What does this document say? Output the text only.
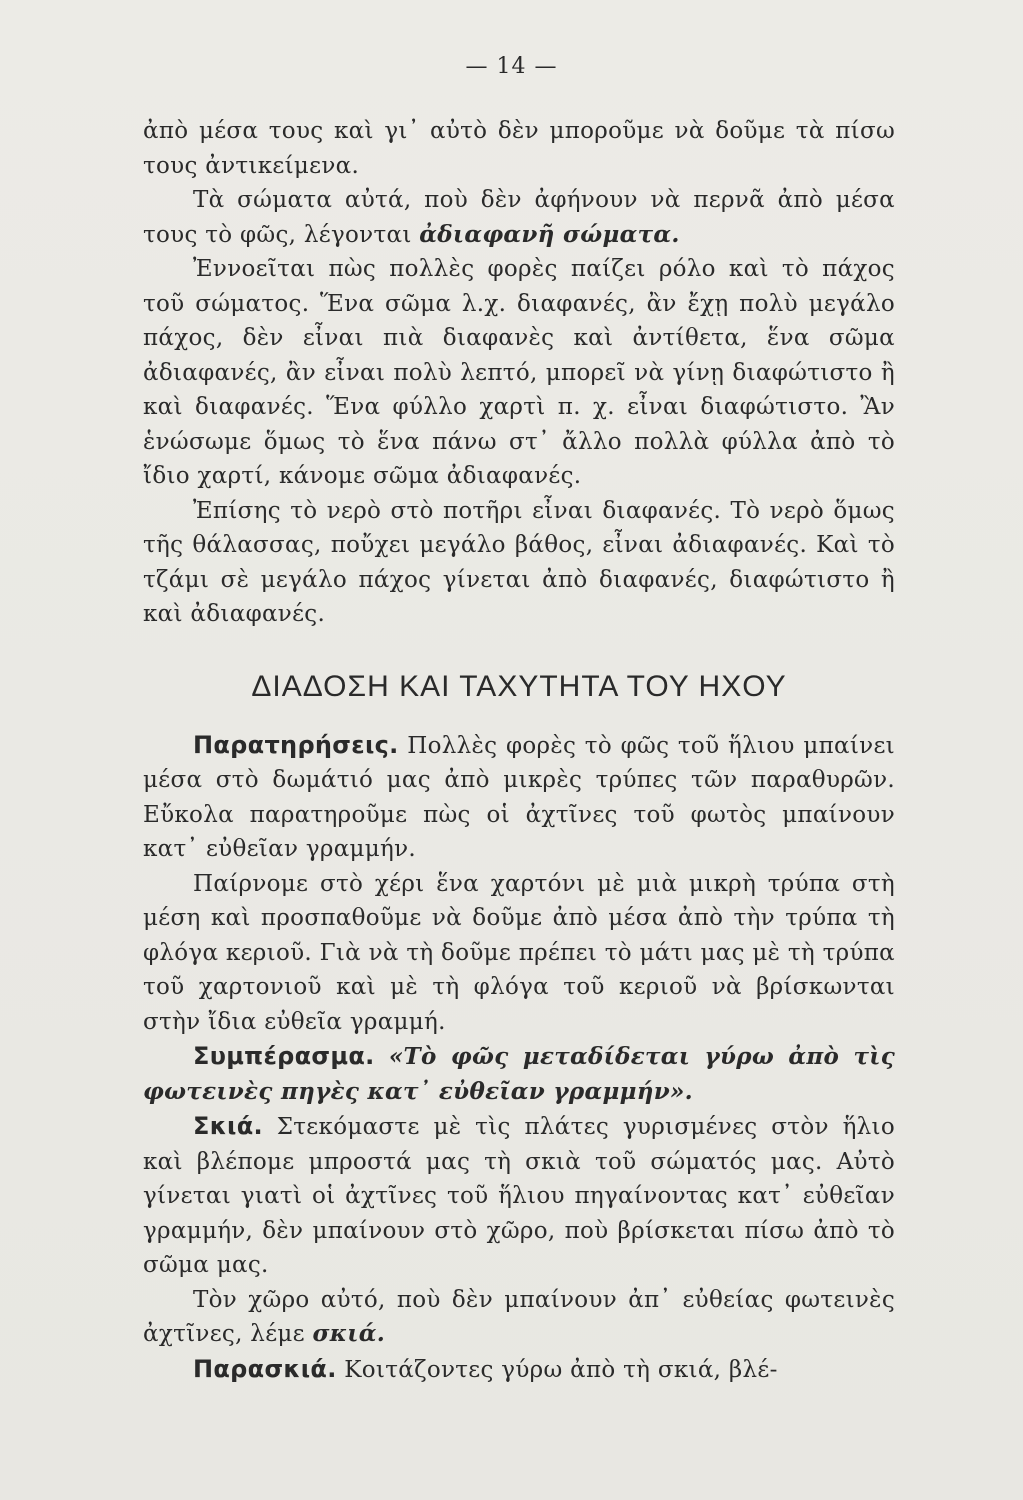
— 14 —

ἀπὸ μέσα τους καὶ γι᾽ αὐτὸ δὲν μποροῦμε νὰ δοῦμε τὰ πίσω τους ἀντικείμενα.

Τὰ σώματα αὐτά, ποὺ δὲν ἀφήνουν νὰ περνᾶ ἀπὸ μέσα τους τὸ φῶς, λέγονται ἀδιαφανῆ σώματα.

Ἐννοεῖται πὼς πολλὲς φορὲς παίζει ρόλο καὶ τὸ πάχος τοῦ σώματος. Ἕνα σῶμα λ.χ. διαφανές, ἂν ἔχῃ πολὺ μεγάλο πάχος, δὲν εἶναι πιὰ διαφανὲς καὶ ἀντίθετα, ἕνα σῶμα ἀδιαφανές, ἂν εἶναι πολὺ λεπτό, μπορεῖ νὰ γίνῃ διαφώτιστο ἢ καὶ διαφανές. Ἕνα φύλλο χαρτὶ π. χ. εἶναι διαφώτιστο. Ἂν ἑνώσωμε ὅμως τὸ ἕνα πάνω στ᾽ ἄλλο πολλὰ φύλλα ἀπὸ τὸ ἴδιο χαρτί, κάνομε σῶμα ἀδιαφανές.

Ἐπίσης τὸ νερὸ στὸ ποτῆρι εἶναι διαφανές. Τὸ νερὸ ὅμως τῆς θάλασσας, ποὔχει μεγάλο βάθος, εἶναι ἀδιαφανές. Καὶ τὸ τζάμι σὲ μεγάλο πάχος γίνεται ἀπὸ διαφανές, διαφώτιστο ἢ καὶ ἀδιαφανές.

ΔΙΑΔΟΣΗ ΚΑΙ ΤΑΧΥΤΗΤΑ ΤΟΥ ΗΧΟΥ

Παρατηρήσεις. Πολλὲς φορὲς τὸ φῶς τοῦ ἥλιου μπαίνει μέσα στὸ δωμάτιό μας ἀπὸ μικρὲς τρύπες τῶν παραθυρῶν. Εὔκολα παρατηροῦμε πὼς οἱ ἀχτῖνες τοῦ φωτὸς μπαίνουν κατ᾽ εὐθεῖαν γραμμήν.

Παίρνομε στὸ χέρι ἕνα χαρτόνι μὲ μιὰ μικρὴ τρύπα στὴ μέση καὶ προσπαθοῦμε νὰ δοῦμε ἀπὸ μέσα ἀπὸ τὴν τρύπα τὴ φλόγα κεριοῦ. Γιὰ νὰ τὴ δοῦμε πρέπει τὸ μάτι μας μὲ τὴ τρύπα τοῦ χαρτονιοῦ καὶ μὲ τὴ φλόγα τοῦ κεριοῦ νὰ βρίσκωνται στὴν ἴδια εὐθεῖα γραμμή.

Συμπέρασμα. «Τὸ φῶς μεταδίδεται γύρω ἀπὸ τὶς φωτεινὲς πηγὲς κατ᾽ εὐθεῖαν γραμμήν».

Σκιά. Στεκόμαστε μὲ τὶς πλάτες γυρισμένες στὸν ἥλιο καὶ βλέπομε μπροστά μας τὴ σκιὰ τοῦ σώματός μας. Αὐτὸ γίνεται γιατὶ οἱ ἀχτῖνες τοῦ ἥλιου πηγαίνοντας κατ᾽ εὐθεῖαν γραμμήν, δὲν μπαίνουν στὸ χῶρο, ποὺ βρίσκεται πίσω ἀπὸ τὸ σῶμα μας.

Τὸν χῶρο αὐτό, ποὺ δὲν μπαίνουν ἀπ᾽ εὐθείας φωτεινὲς ἀχτῖνες, λέμε σκιά.

Παρασκιά. Κοιτάζοντες γύρω ἀπὸ τὴ σκιά, βλέ-
